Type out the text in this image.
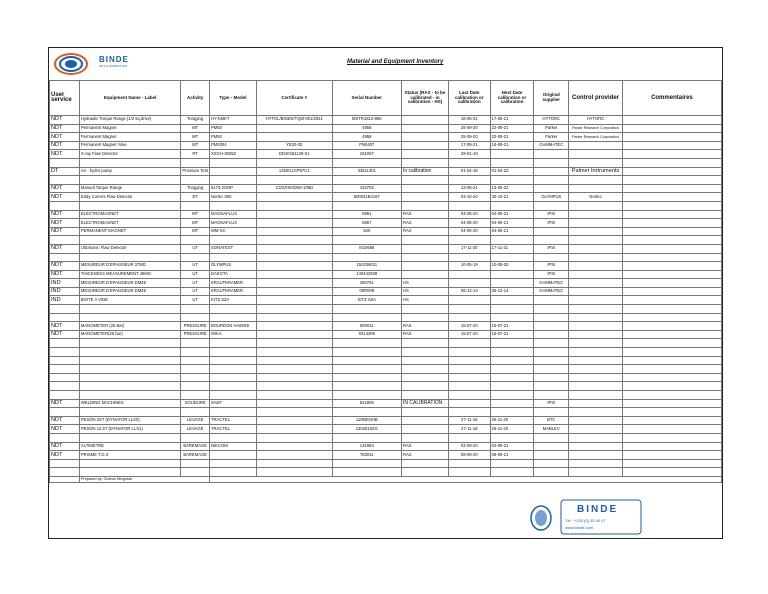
BINDE
NDT & INSPECTION
Material and Equipment Inventory
User service	Equipment Name - Label	Activity	Type - Model	Certificate #	Serial Number	Status (RAS - to be calibrated - in calibration - HS)	Last Date calibration or calibration	Next Date calibration or calibration	Original supplier	Control provider	Commentaires
NDT	Hydraulic Torque Range (1/2 sq.drive)	Torqging	HY-SMKT	HYTOL/BINDS/TQM-001/2021	MSTR1812-865		18-05-21	17-05-21	HYTORC	HYTORC	
NDT	Permanent Magnet	MT	PM50		4958		25-09-20	22-09-21	Parker	Parker Research Corporation	
NDT	Permanent Magnet	MT	PM50		4958		25-09-20	22-09-21	Parker	Parker Research Corporation	
NDT	Permanent Magnet Yoke	MT	PM2004	YE20-20	PN0407		17-09-21	16-09-21	GAMMATEC		
NDT	X-ray Flaw Detector	RT	XXGH-3505Z	DD20181129-01	181067		29-01-19				

DT	Air - hydro pump	Pressure Test		1250G1CP67C1	33511301	In calibration	01-04-18	01-04-22		Palmer Inrtruments	

NDT	Manual Torque Range	Torqging	6173-2GNP	COS/HIS/DIM-1/9BI	433702		13-05-21	13-05-22			
NDT	Eddy Current Flaw Detector	ET	Nortec 600		600031B4197		03-10-20	30-10-21	OLYMPUS	Nortec	

NDT	ELECTROMAGNET	MT	MAGNAFLUX		5861	RAS	04-06-20	04-06-21	IPSI		
NDT	ELECTROMAGNET	MT	MAGNAFLUX		5867	RAS	04-06-20	04-06-21	IPSI		
NDT	PERMANENT MAGNET	MT	WM-SC		920	RAS	04-06-20	04-06-21			

NDT	Ultrasonic Flaw Detector	UT	SONATEST		I010668		17-11-20	17-11-21	IPSI		

NDT	MESUREUR D'EPAISSEUR 37MG	UT	OLYMPUS		150236011		10-05-19	10-05-20	IPSI		
NDT	THICKNESS MEASUREMENT 45MG	UT	DAKOTA		140442508				IPSI		
IND	MESUREUR D'EPAISSEUR DM4E	UT	KRAUTKRAMER		480761	HS			GAMMATEC		
IND	MESUREUR D'EPAISSEUR DM4E	UT	KRAUTKRAMER		00R009	HS	06-12-13	06-12-14	GAMMATEC		
IND	BOITE A VIDE	UT	KITZ SZA		KITZ SZA	HS					

NDT	MANOMETER (25 Bar)	PRESSURE	BOURDON HAENNI		800011	RAS	15-07-20	15-07-21			
NDT	MANOMETER(25 bar)	PRESSURE	WIKA		9314396	RAS	15-07-20	15-07-21			

NDT	WELDING MACHINES	SOUDURE	SAEF		621806	IN CALIBRATION			IPSI		

NDT	PESON 2ST (DYNAFOR LLX0)	LEVAGE	TRACTEL		1106004HB		27-11-19	26-11-20	BTC		
NDT	PESON 12,5T (DYNAFOR LLX1)	LEVAGE	TRACTEL		1302010ZG		27-11-19	26-11-20	MABLEV		

NDT	ALTIMETRE	BAREMAGE	NIKCOM		131884	RAS	02-09-20	02-09-21			
NDT	PRISME T.O.3	BAREMAGE			783011	RAS	08-09-20	08-09-21			

	Prepared by: Gideon Mingolah										
BINDE
Tél : +233 (0) 35 40 07
www.binde.com
